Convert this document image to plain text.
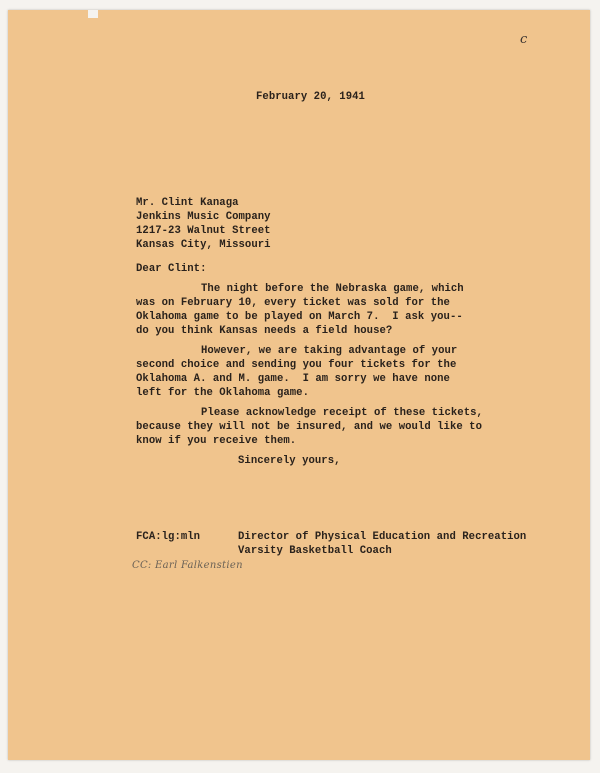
c
February 20, 1941
Mr. Clint Kanaga
Jenkins Music Company
1217-23 Walnut Street
Kansas City, Missouri
Dear Clint:
The night before the Nebraska game, which
was on February 10, every ticket was sold for the
Oklahoma game to be played on March 7.  I ask you--
do you think Kansas needs a field house?
However, we are taking advantage of your
second choice and sending you four tickets for the
Oklahoma A. and M. game.  I am sorry we have none
left for the Oklahoma game.
Please acknowledge receipt of these tickets,
because they will not be insured, and we would like to
know if you receive them.
Sincerely yours,
FCA:lg:mln	Director of Physical Education and Recreation
Varsity Basketball Coach
CC: Earl Falkenstien
